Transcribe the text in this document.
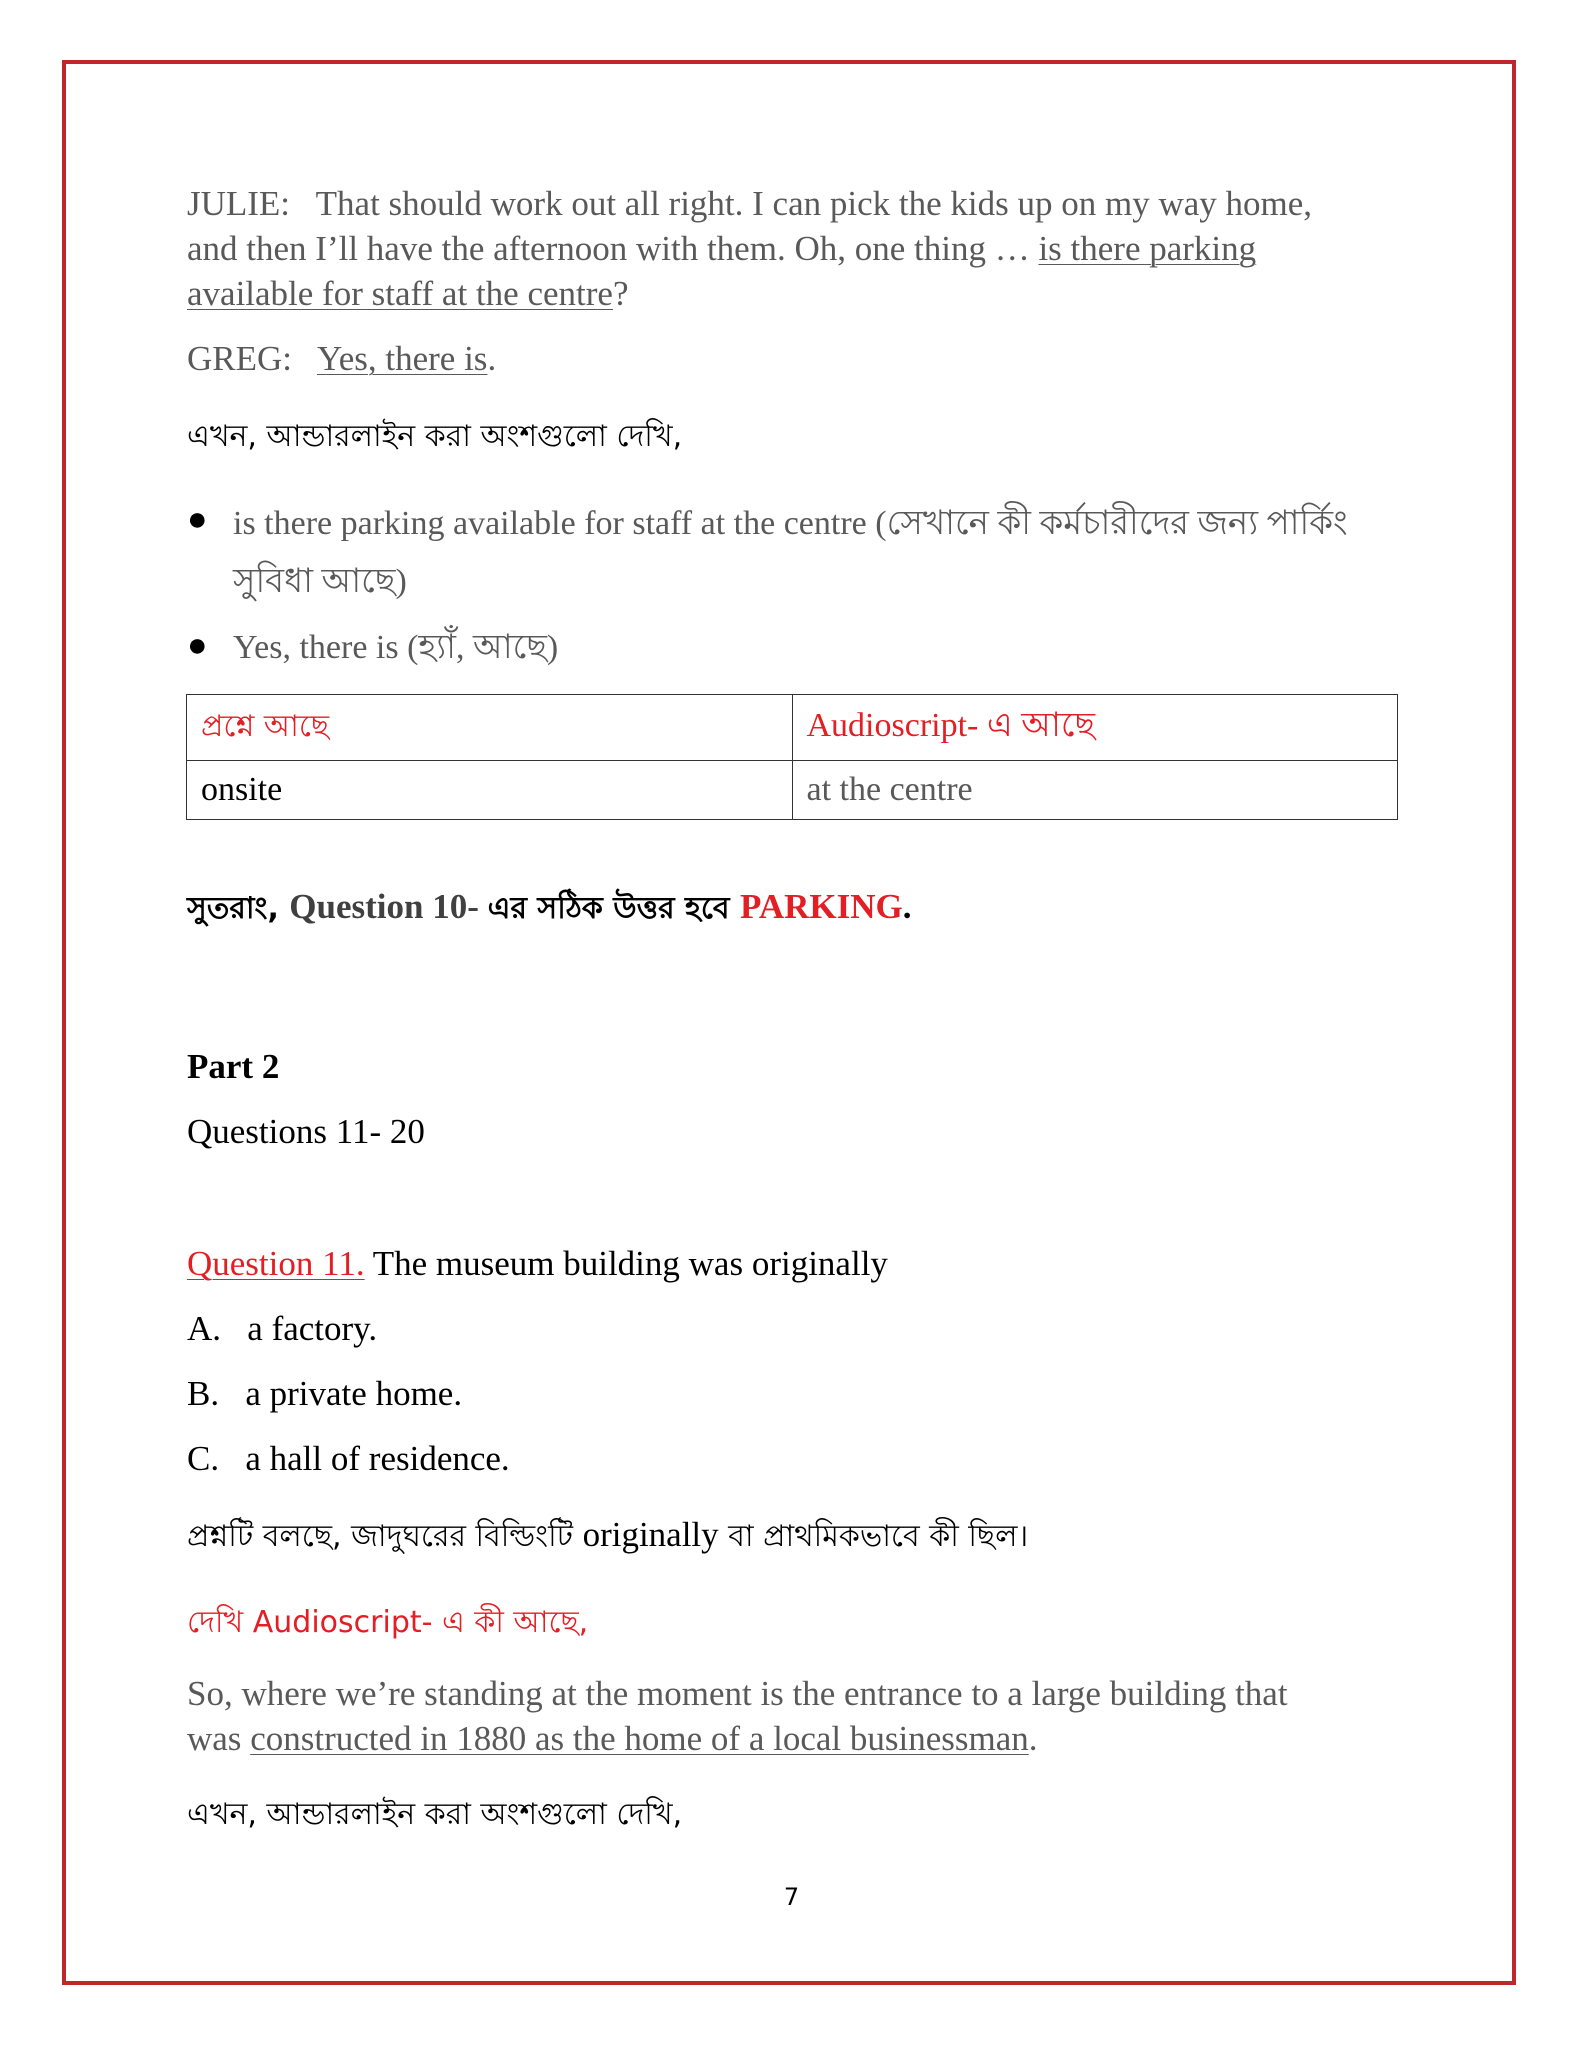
JULIE: That should work out all right. I can pick the kids up on my way home,
and then I’ll have the afternoon with them. Oh, one thing … is there parking
available for staff at the centre?
GREG: Yes, there is.
এখন, আন্ডারলাইন করা অংশগুলো দেখি,
● is there parking available for staff at the centre (সেখানে কী কর্মচারীদের জন্য পার্কিং
সুবিধা আছে)
● Yes, there is (হ্যাঁ, আছে)
প্রশ্নে আছে	Audioscript- এ আছে
onsite	at the centre
সুতরাং, Question 10- এর সঠিক উত্তর হবে PARKING.
Part 2
Questions 11- 20
Question 11. The museum building was originally
A. a factory.
B. a private home.
C. a hall of residence.
প্রশ্নটি বলছে, জাদুঘরের বিল্ডিংটি originally বা প্রাথমিকভাবে কী ছিল।
দেখি Audioscript- এ কী আছে,
So, where we’re standing at the moment is the entrance to a large building that
was constructed in 1880 as the home of a local businessman.
এখন, আন্ডারলাইন করা অংশগুলো দেখি,
7
